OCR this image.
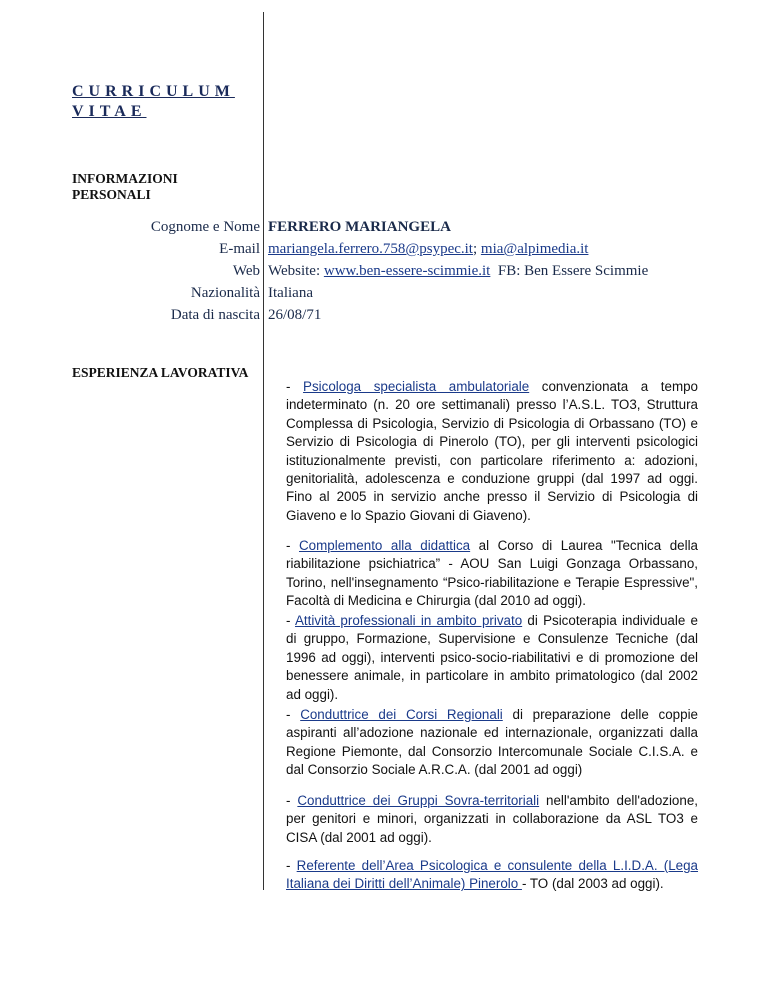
CURRICULUM
VITAE
INFORMAZIONI
PERSONALI
Cognome e Nome FERRERO MARIANGELA
E-mail mariangela.ferrero.758@psypec.it; mia@alpimedia.it
Web Website: www.ben-essere-scimmie.it  FB: Ben Essere Scimmie
Nazionalità Italiana
Data di nascita 26/08/71
ESPERIENZA LAVORATIVA
- Psicologa specialista ambulatoriale convenzionata a tempo indeterminato (n. 20 ore settimanali) presso l’A.S.L. TO3, Struttura Complessa di Psicologia, Servizio di Psicologia di Orbassano (TO) e Servizio di Psicologia di Pinerolo (TO), per gli interventi psicologici istituzionalmente previsti, con particolare riferimento a: adozioni, genitorialità, adolescenza e conduzione gruppi (dal 1997 ad oggi. Fino al 2005 in servizio anche presso il Servizio di Psicologia di Giaveno e lo Spazio Giovani di Giaveno).
- Complemento alla didattica al Corso di Laurea "Tecnica della riabilitazione psichiatrica” - AOU San Luigi Gonzaga Orbassano, Torino, nell'insegnamento “Psico-riabilitazione e Terapie Espressive", Facoltà di Medicina e Chirurgia (dal 2010 ad oggi).
- Attività professionali in ambito privato di Psicoterapia individuale e di gruppo, Formazione, Supervisione e Consulenze Tecniche (dal 1996 ad oggi), interventi psico-socio-riabilitativi e di promozione del benessere animale, in particolare in ambito primatologico (dal 2002 ad oggi).
- Conduttrice dei Corsi Regionali di preparazione delle coppie aspiranti all’adozione nazionale ed internazionale, organizzati dalla Regione Piemonte, dal Consorzio Intercomunale Sociale C.I.S.A. e dal Consorzio Sociale A.R.C.A. (dal 2001 ad oggi)
- Conduttrice dei Gruppi Sovra-territoriali nell'ambito dell'adozione, per genitori e minori, organizzati in collaborazione da ASL TO3 e CISA (dal 2001 ad oggi).
- Referente dell’Area Psicologica e consulente della L.I.D.A. (Lega Italiana dei Diritti dell’Animale) Pinerolo - TO (dal 2003 ad oggi).
